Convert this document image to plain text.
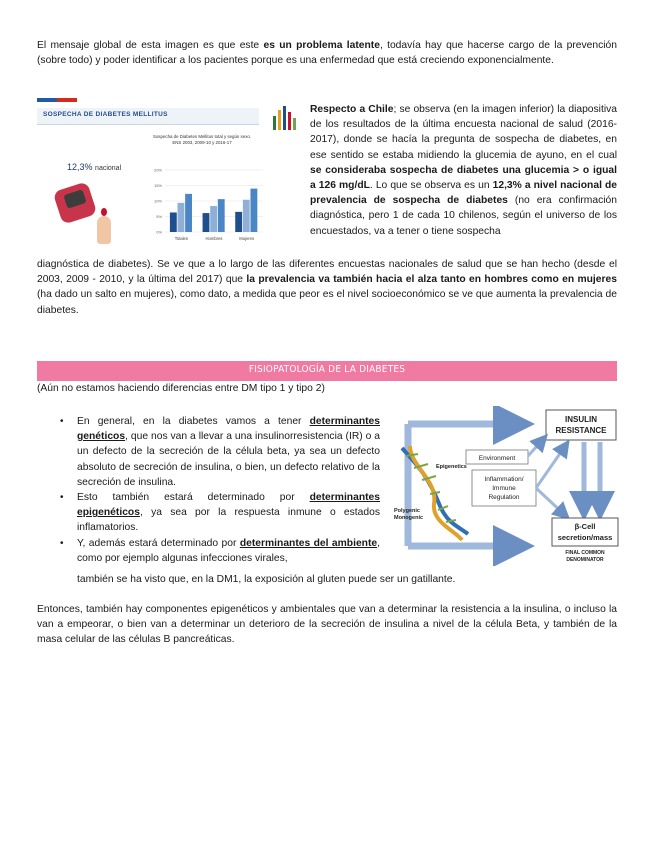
El mensaje global de esta imagen es que este es un problema latente, todavía hay que hacerse cargo de la prevención (sobre todo) y poder identificar a los pacientes porque es una enfermedad que está creciendo exponencialmente.

SOSPECHA DE DIABETES MELLITUS
Sospecha de Diabetes Mellitus total y según sexo.
ENS 2003, 2009-10 y 2016-17
12,3% nacional	20%
15%
10%
5%
0%
Totales	Hombres	Mujeres

Respecto a Chile; se observa (en la imagen inferior) la diapositiva de los resultados de la última encuesta nacional de salud (2016-2017), donde se hacía la pregunta de sospecha de diabetes, en ese sentido se estaba midiendo la glucemia de ayuno, en el cual se consideraba sospecha de diabetes una glucemia > o igual a 126 mg/dL. Lo que se observa es un 12,3% a nivel nacional de prevalencia de sospecha de diabetes (no era confirmación diagnóstica, pero 1 de cada 10 chilenos, según el universo de los encuestados, va a tener o tiene sospecha

diagnóstica de diabetes). Se ve que a lo largo de las diferentes encuestas nacionales de salud que se han hecho (desde el 2003, 2009 - 2010, y la última del 2017) que la prevalencia va también hacia el alza tanto en hombres como en mujeres (ha dado un salto en mujeres), como dato, a medida que peor es el nivel socioeconómico se ve que aumenta la prevalencia de diabetes.

FISIOPATOLOGÍA DE LA DIABETES
(Aún no estamos haciendo diferencias entre DM tipo 1 y tipo 2)
• En general, en la diabetes vamos a tener determinantes genéticos, que nos van a llevar a una insulinorresistencia (IR) o a un defecto de la secreción de la célula beta, ya sea un defecto absoluto de secreción de insulina, o bien, un defecto relativo de la secreción de insulina.
• Esto también estará determinado por determinantes epigenéticos, ya sea por la respuesta inmune o estados inflamatorios.
• Y, además estará determinado por determinantes del ambiente, como por ejemplo algunas infecciones virales,
también se ha visto que, en la DM1, la exposición al gluten puede ser un gatillante.
INSULIN
RESISTANCE
Environment
Inflammation/
Immune
Regulation
Epigenetics
Polygenic
Monogenic
β-Cell
secretion/mass
FINAL COMMON
DENOMINATOR

Entonces, también hay componentes epigenéticos y ambientales que van a determinar la resistencia a la insulina, o incluso la van a empeorar, o bien van a determinar un deterioro de la secreción de insulina a nivel de la célula Beta, y también de la masa celular de las células B pancreáticas.
